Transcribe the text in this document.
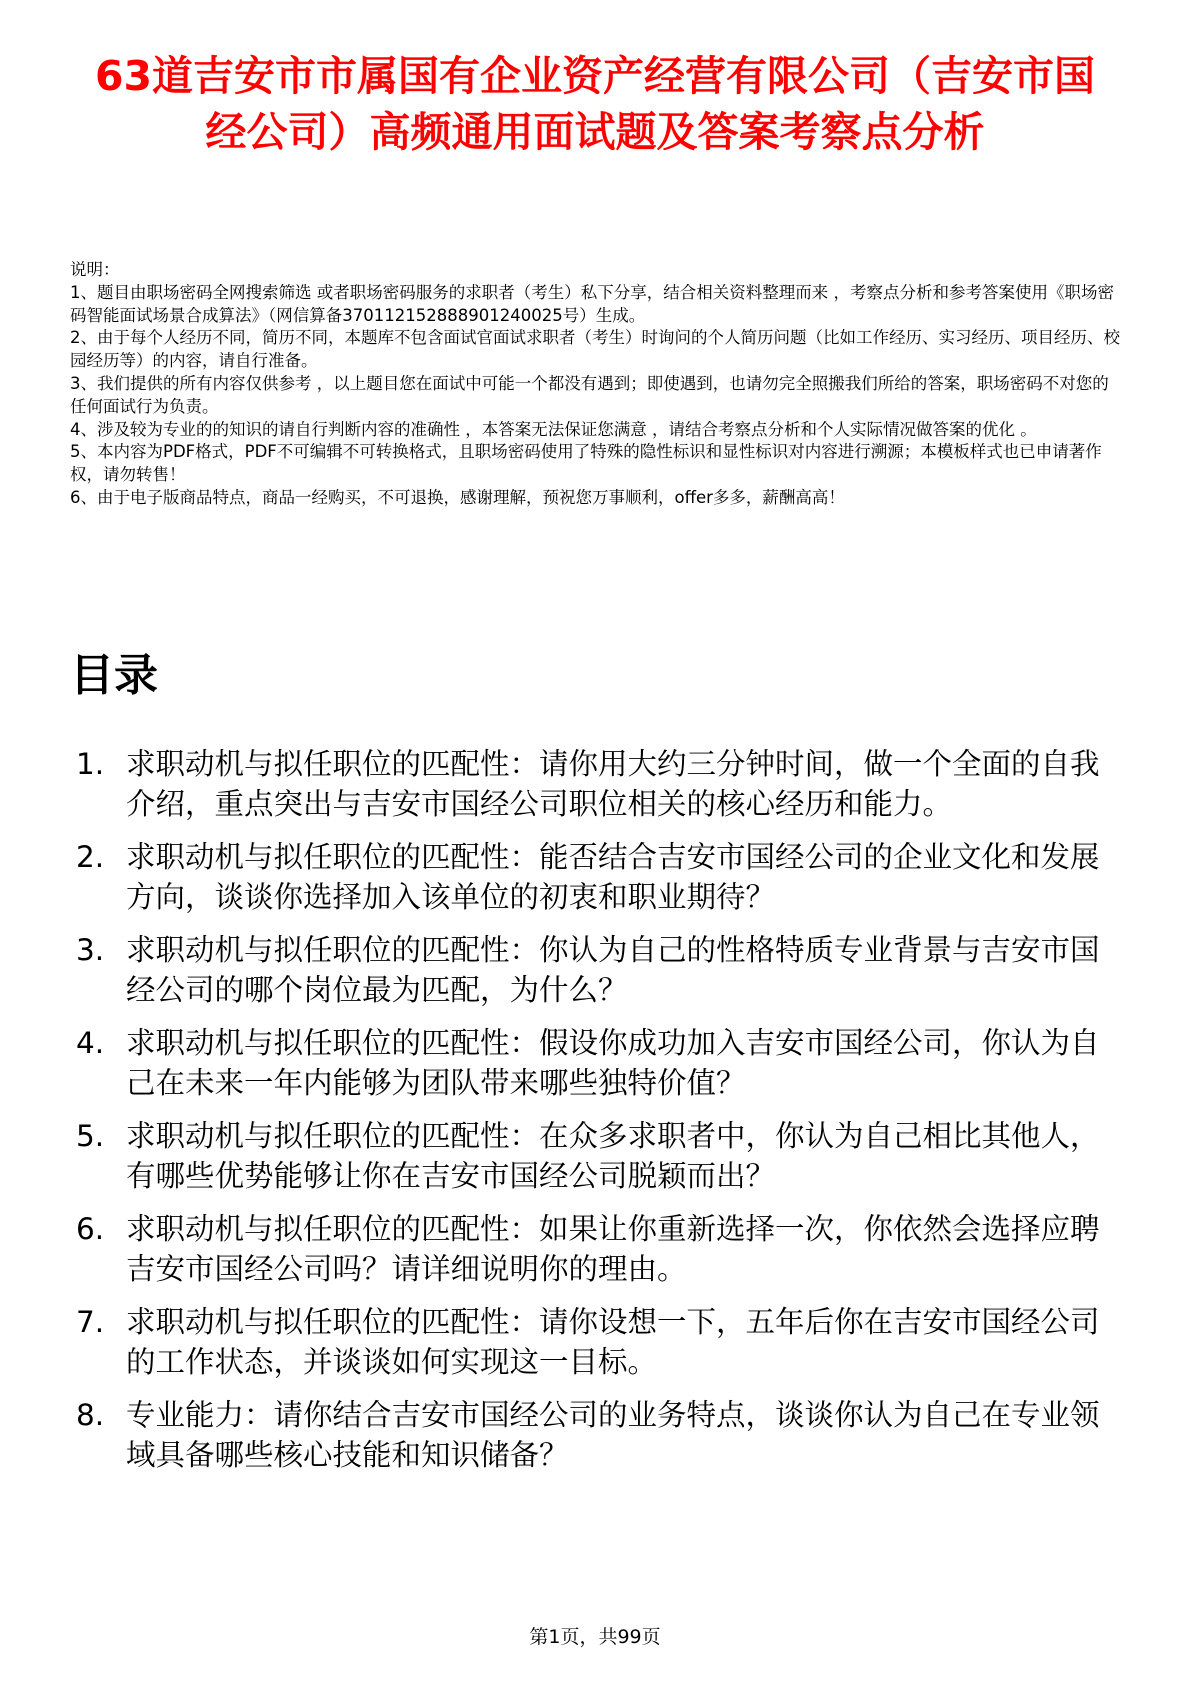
63道吉安市市属国有企业资产经营有限公司（吉安市国经公司）高频通用面试题及答案考察点分析
说明：
1、题目由职场密码全网搜索筛选 或者职场密码服务的求职者（考生）私下分享，结合相关资料整理而来 ，考察点分析和参考答案使用《职场密码智能面试场景合成算法》（网信算备370112152888901240025号）生成。
2、由于每个人经历不同，简历不同，本题库不包含面试官面试求职者（考生）时询问的个人简历问题（比如工作经历、实习经历、项目经历、校园经历等）的内容，请自行准备。
3、我们提供的所有内容仅供参考 ，以上题目您在面试中可能一个都没有遇到；即使遇到，也请勿完全照搬我们所给的答案，职场密码不对您的任何面试行为负责。
4、涉及较为专业的的知识的请自行判断内容的准确性 ，本答案无法保证您满意 ，请结合考察点分析和个人实际情况做答案的优化 。
5、本内容为PDF格式，PDF不可编辑不可转换格式，且职场密码使用了特殊的隐性标识和显性标识对内容进行溯源；本模板样式也已申请著作权，请勿转售！
6、由于电子版商品特点，商品一经购买，不可退换，感谢理解，预祝您万事顺利，offer多多，薪酬高高！
目录
1. 求职动机与拟任职位的匹配性：请你用大约三分钟时间，做一个全面的自我介绍，重点突出与吉安市国经公司职位相关的核心经历和能力。
2. 求职动机与拟任职位的匹配性：能否结合吉安市国经公司的企业文化和发展方向，谈谈你选择加入该单位的初衷和职业期待？
3. 求职动机与拟任职位的匹配性：你认为自己的性格特质专业背景与吉安市国经公司的哪个岗位最为匹配，为什么？
4. 求职动机与拟任职位的匹配性：假设你成功加入吉安市国经公司，你认为自己在未来一年内能够为团队带来哪些独特价值？
5. 求职动机与拟任职位的匹配性：在众多求职者中，你认为自己相比其他人，有哪些优势能够让你在吉安市国经公司脱颖而出？
6. 求职动机与拟任职位的匹配性：如果让你重新选择一次，你依然会选择应聘吉安市国经公司吗？请详细说明你的理由。
7. 求职动机与拟任职位的匹配性：请你设想一下，五年后你在吉安市国经公司的工作状态，并谈谈如何实现这一目标。
8. 专业能力：请你结合吉安市国经公司的业务特点，谈谈你认为自己在专业领域具备哪些核心技能和知识储备？
第1页，共99页
